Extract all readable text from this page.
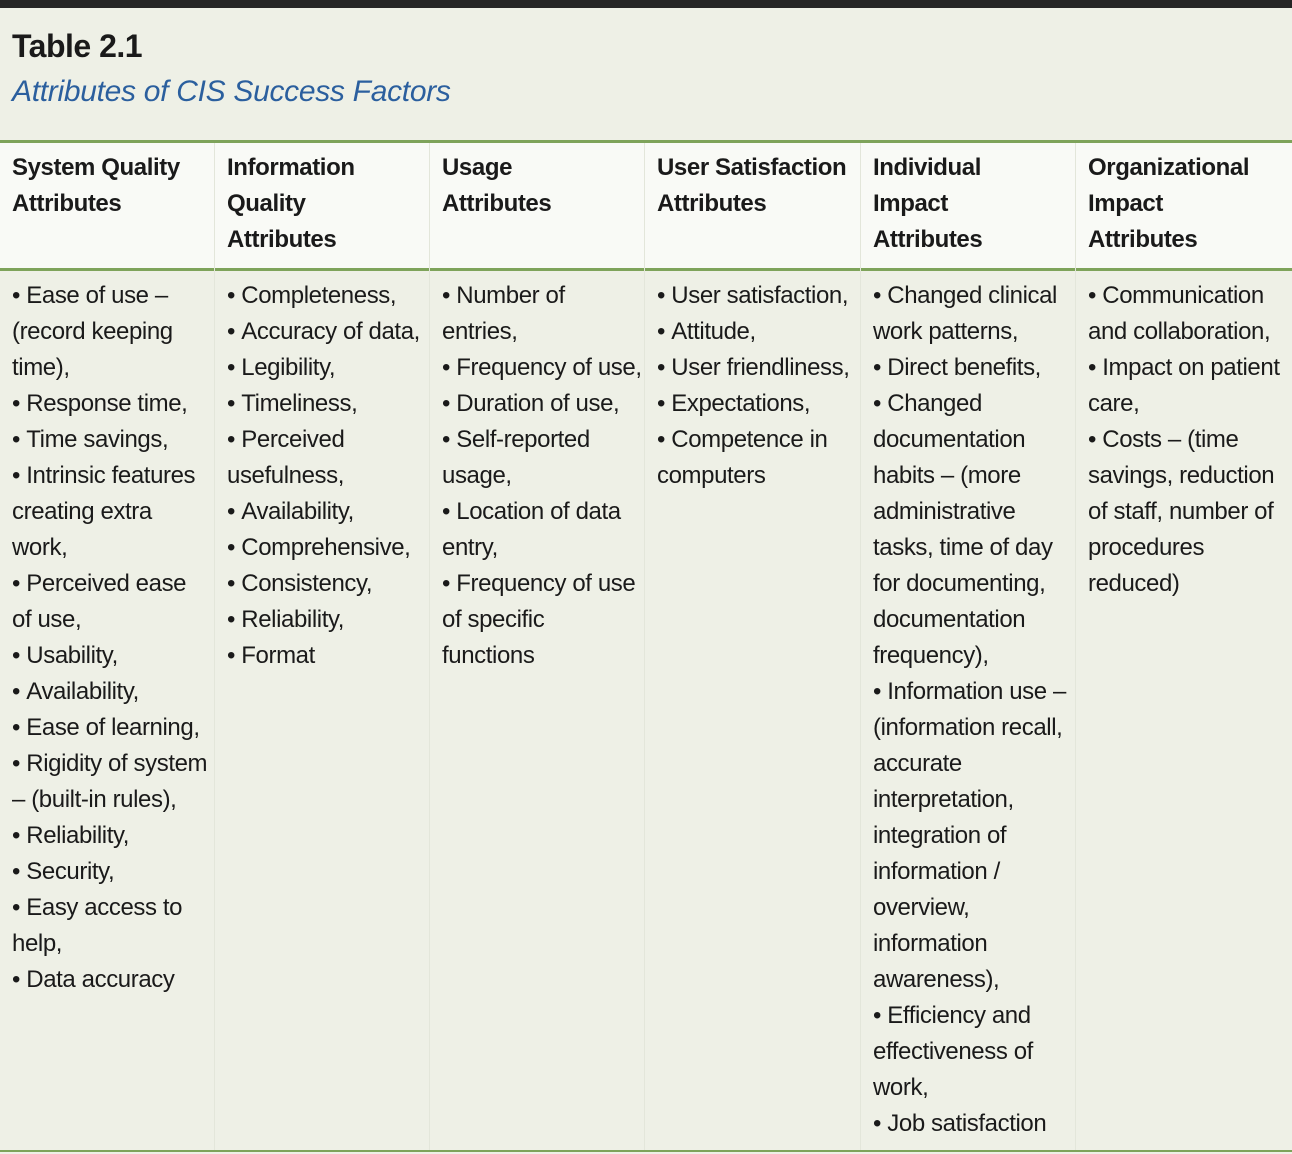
Table 2.1
Attributes of CIS Success Factors
System Quality
Attributes
Information
Quality
Attributes
Usage
Attributes
User Satisfaction
Attributes
Individual
Impact
Attributes
Organizational
Impact
Attributes
• Ease of use – (record keeping time),
• Response time,
• Time savings,
• Intrinsic features creating extra work,
• Perceived ease of use,
• Usability,
• Availability,
• Ease of learning,
• Rigidity of system – (built-in rules),
• Reliability,
• Security,
• Easy access to help,
• Data accuracy
• Completeness,
• Accuracy of data,
• Legibility,
• Timeliness,
• Perceived usefulness,
• Availability,
• Comprehensive,
• Consistency,
• Reliability,
• Format
• Number of entries,
• Frequency of use,
• Duration of use,
• Self-reported usage,
• Location of data entry,
• Frequency of use of specific functions
• User satisfaction,
• Attitude,
• User friendliness,
• Expectations,
• Competence in computers
• Changed clinical work patterns,
• Direct benefits,
• Changed documentation habits – (more administrative tasks, time of day for documenting, documentation frequency),
• Information use – (information recall, accurate interpretation, integration of information / overview, information awareness),
• Efficiency and effectiveness of work,
• Job satisfaction
• Communication and collaboration,
• Impact on patient care,
• Costs – (time savings, reduction of staff, number of procedures reduced)
